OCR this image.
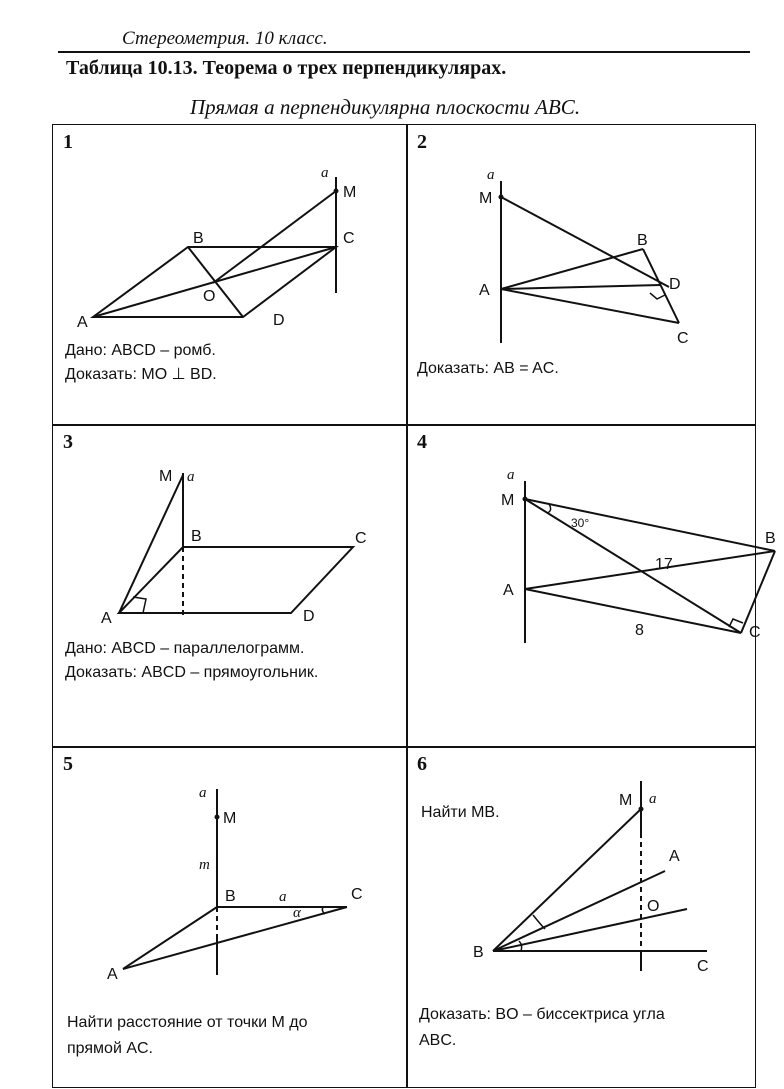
Стереометрия. 10 класс.
Таблица 10.13. Теорема о трех перпендикулярах.
Прямая а перпендикулярна плоскости ABC.
1
a
M
B	C
O
A	D
Дано: ABCD – ромб.
Доказать: MO ⊥ BD.
2
a
M
A
B
D
C
Доказать: AB = AC.
3
M a
B	C
A	D
Дано: ABCD – параллелограмм.
Доказать: ABCD – прямоугольник.
4
a
M
30°
17
8
A
B
C
Найти MB.
5
a
M
m
B	a
α
C
A
Найти расстояние от точки M до
прямой AC.
6
M a
A
O
B
C
Доказать: BO – биссектриса угла
ABC.
